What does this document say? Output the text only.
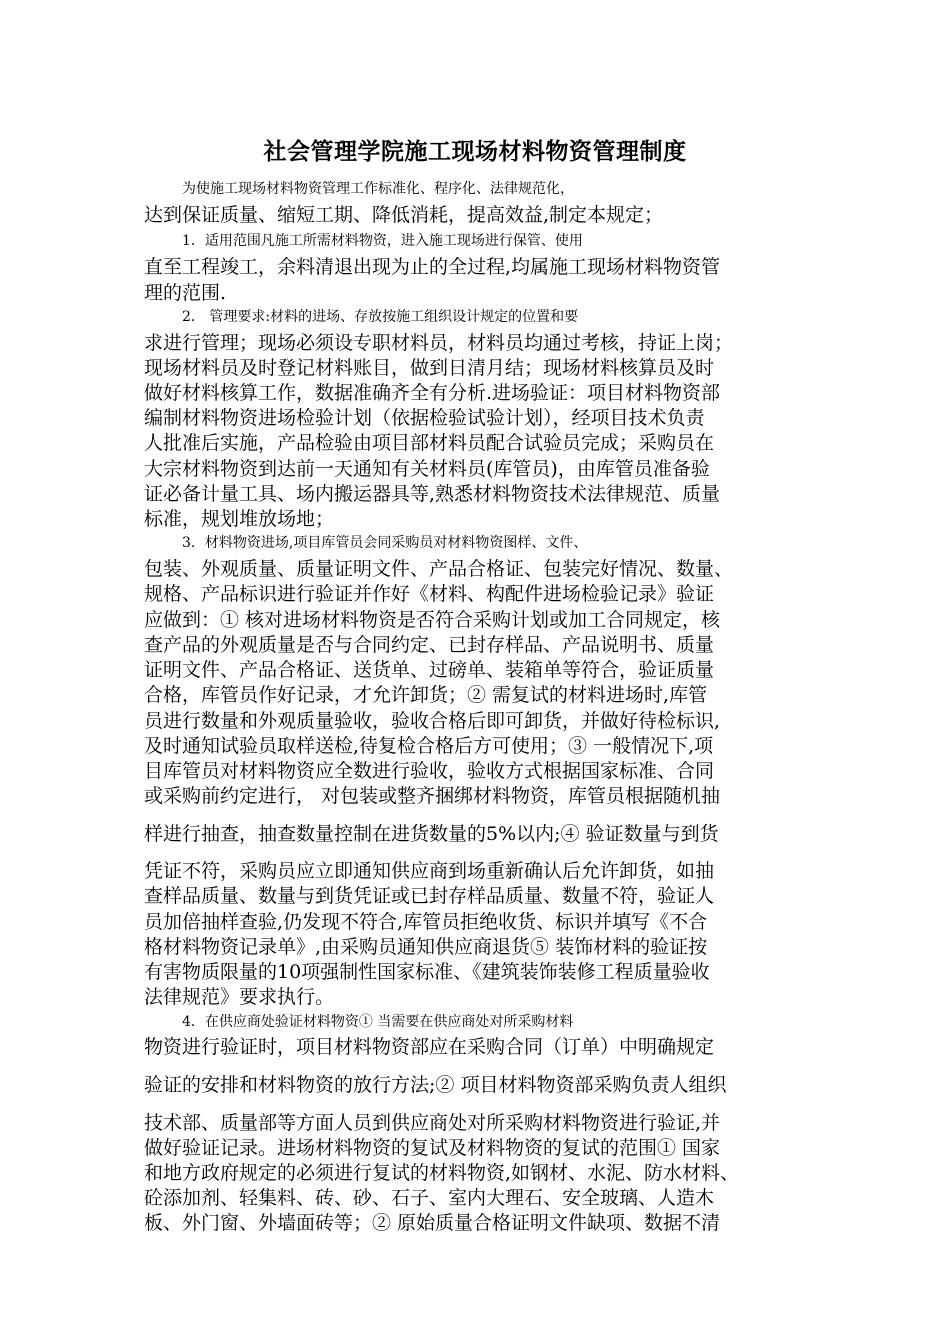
社会管理学院施工现场材料物资管理制度
为使施工现场材料物资管理工作标准化、程序化、法律规范化，
达到保证质量、缩短工期、降低消耗，提高效益,制定本规定；
1．适用范围凡施工所需材料物资，进入施工现场进行保管、使用
直至工程竣工，余料清退出现为止的全过程,均属施工现场材料物资管
理的范围.
2． 管理要求:材料的进场、存放按施工组织设计规定的位置和要
求进行管理；现场必须设专职材料员，材料员均通过考核，持证上岗；
现场材料员及时登记材料账目，做到日清月结；现场材料核算员及时
做好材料核算工作，数据准确齐全有分析.进场验证：项目材料物资部
编制材料物资进场检验计划（依据检验试验计划），经项目技术负责
人批准后实施，产品检验由项目部材料员配合试验员完成；采购员在
大宗材料物资到达前一天通知有关材料员(库管员)，由库管员准备验
证必备计量工具、场内搬运器具等,熟悉材料物资技术法律规范、质量
标准，规划堆放场地；
3．材料物资进场,项目库管员会同采购员对材料物资图样、文件、
包装、外观质量、质量证明文件、产品合格证、包装完好情况、数量、
规格、产品标识进行验证并作好《材料、构配件进场检验记录》验证
应做到：① 核对进场材料物资是否符合采购计划或加工合同规定，核
查产品的外观质量是否与合同约定、已封存样品、产品说明书、质量
证明文件、产品合格证、送货单、过磅单、装箱单等符合，验证质量
合格，库管员作好记录，才允许卸货；② 需复试的材料进场时,库管
员进行数量和外观质量验收，验收合格后即可卸货，并做好待检标识,
及时通知试验员取样送检,待复检合格后方可使用；③ 一般情况下,项
目库管员对材料物资应全数进行验收，验收方式根据国家标准、合同
或采购前约定进行， 对包装或整齐捆绑材料物资，库管员根据随机抽
样进行抽查，抽查数量控制在进货数量的5%以内;④ 验证数量与到货
凭证不符，采购员应立即通知供应商到场重新确认后允许卸货，如抽
查样品质量、数量与到货凭证或已封存样品质量、数量不符，验证人
员加倍抽样查验,仍发现不符合,库管员拒绝收货、标识并填写《不合
格材料物资记录单》,由采购员通知供应商退货⑤ 装饰材料的验证按
有害物质限量的10项强制性国家标准、《建筑装饰装修工程质量验收
法律规范》要求执行。
4．在供应商处验证材料物资① 当需要在供应商处对所采购材料
物资进行验证时，项目材料物资部应在采购合同（订单）中明确规定
验证的安排和材料物资的放行方法;② 项目材料物资部采购负责人组织
技术部、质量部等方面人员到供应商处对所采购材料物资进行验证,并
做好验证记录。进场材料物资的复试及材料物资的复试的范围① 国家
和地方政府规定的必须进行复试的材料物资,如钢材、水泥、防水材料、
砼添加剂、轻集料、砖、砂、石子、室内大理石、安全玻璃、人造木
板、外门窗、外墙面砖等；② 原始质量合格证明文件缺项、数据不清
